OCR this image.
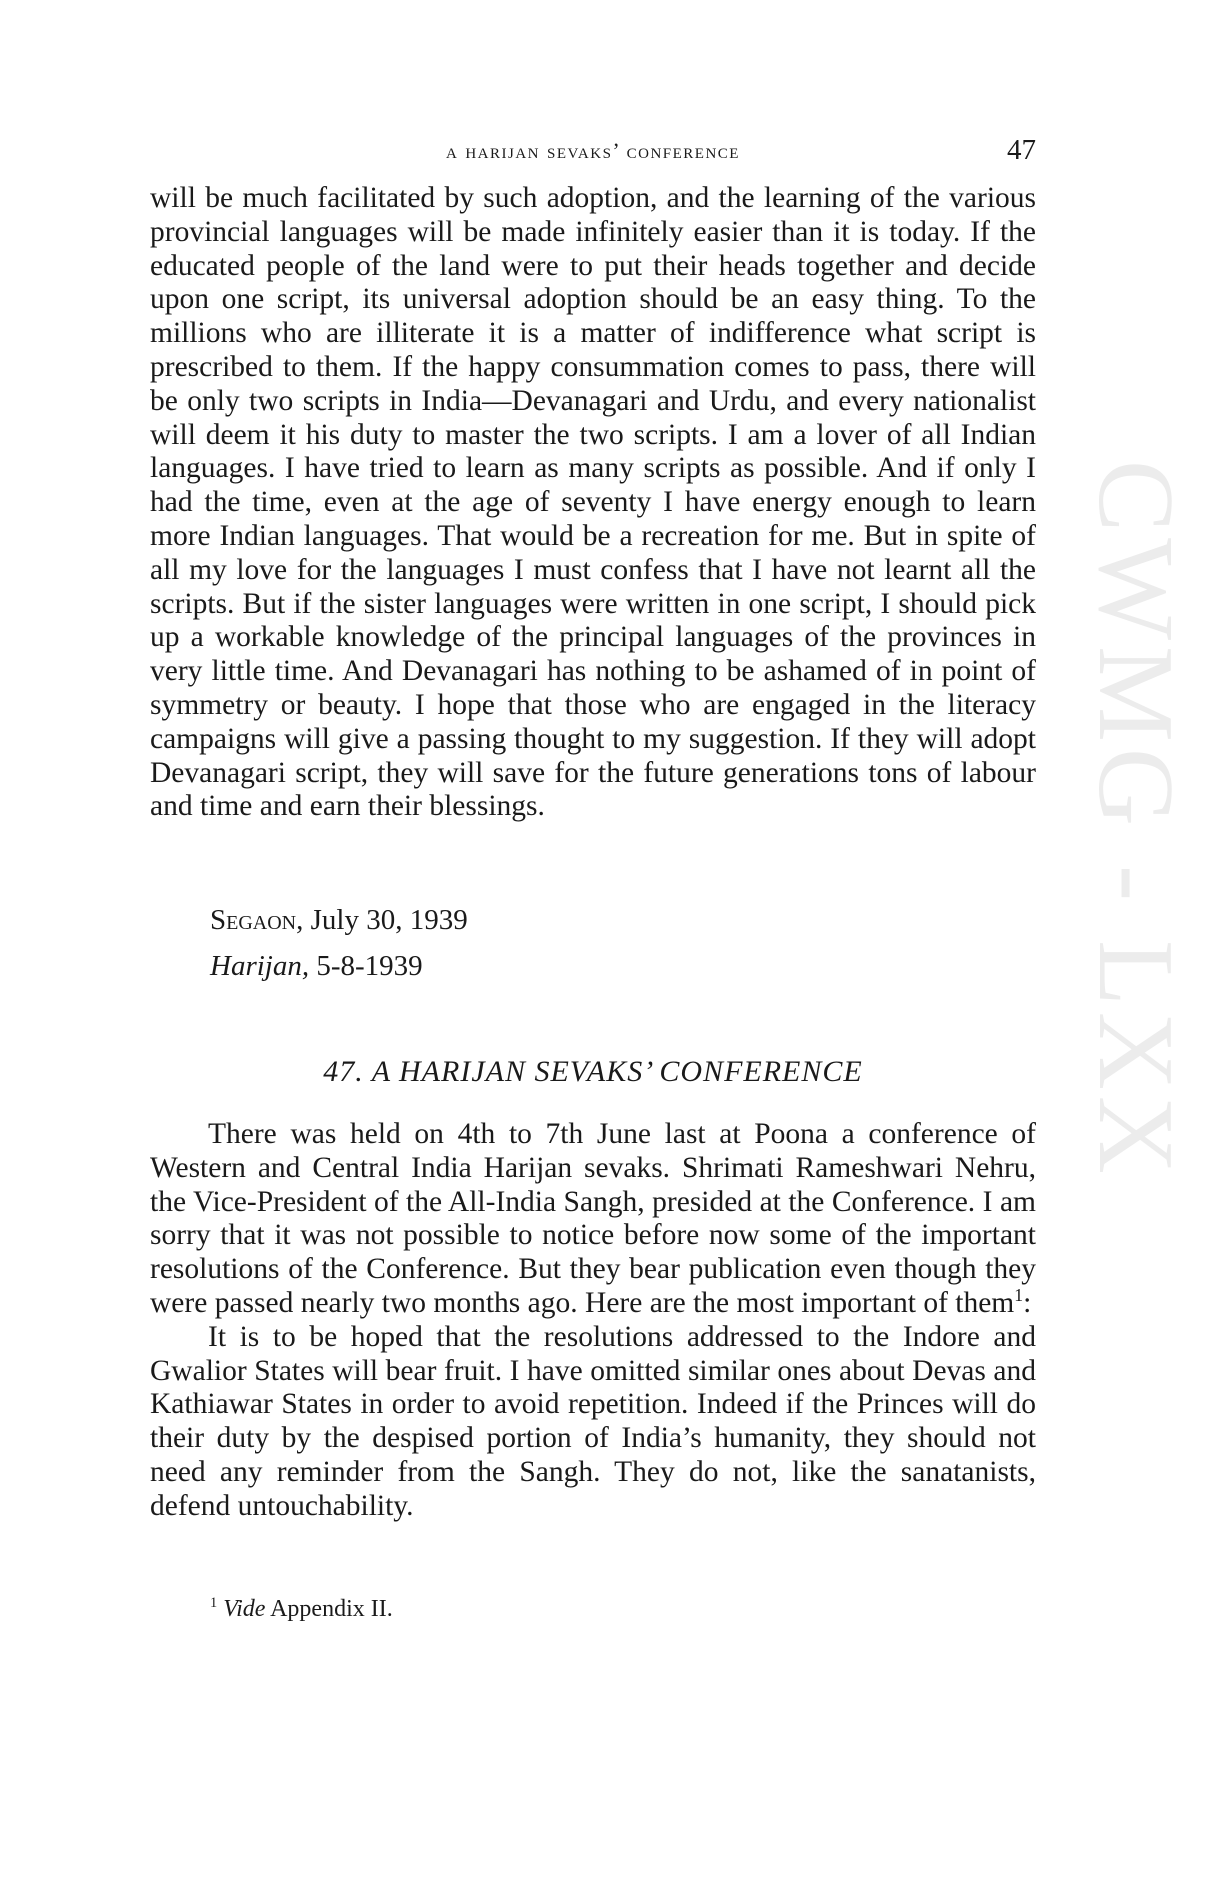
CWMG - LXX
a harijan sevaks’ conference	47

will be much facilitated by such adoption, and the learning of the various provincial languages will be made infinitely easier than it is today. If the educated people of the land were to put their heads together and decide upon one script, its universal adoption should be an easy thing. To the millions who are illiterate it is a matter of indifference what script is prescribed to them. If the happy consummation comes to pass, there will be only two scripts in India—Devanagari and Urdu, and every nationalist will deem it his duty to master the two scripts. I am a lover of all Indian languages. I have tried to learn as many scripts as possible. And if only I had the time, even at the age of seventy I have energy enough to learn more Indian languages. That would be a recreation for me. But in spite of all my love for the languages I must confess that I have not learnt all the scripts. But if the sister languages were written in one script, I should pick up a workable knowledge of the principal languages of the provinces in very little time. And Devanagari has nothing to be ashamed of in point of symmetry or beauty. I hope that those who are engaged in the literacy campaigns will give a passing thought to my suggestion. If they will adopt Devanagari script, they will save for the future generations tons of labour and time and earn their blessings.

Segaon, July 30, 1939
Harijan, 5-8-1939
47. A HARIJAN SEVAKS’ CONFERENCE

There was held on 4th to 7th June last at Poona a conference of Western and Central India Harijan sevaks. Shrimati Rameshwari Nehru, the Vice-President of the All-India Sangh, presided at the Conference. I am sorry that it was not possible to notice before now some of the important resolutions of the Conference. But they bear publication even though they were passed nearly two months ago. Here are the most important of them$^1$:

It is to be hoped that the resolutions addressed to the Indore and Gwalior States will bear fruit. I have omitted similar ones about Devas and Kathiawar States in order to avoid repetition. Indeed if the Princes will do their duty by the despised portion of India’s humanity, they should not need any reminder from the Sangh. They do not, like the sanatanists, defend untouchability.

$^1$ Vide Appendix II.
